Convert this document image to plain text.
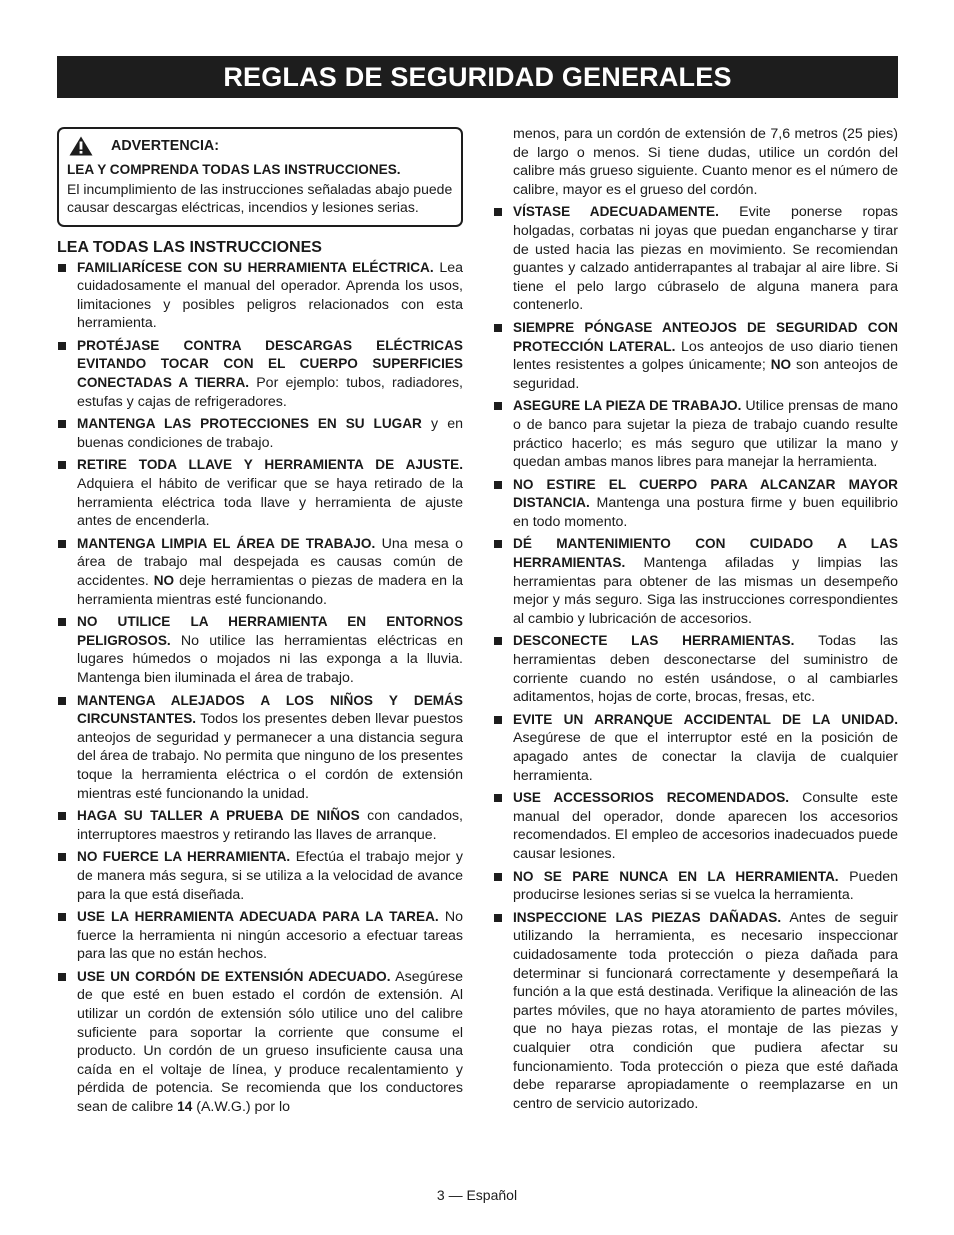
REGLAS DE SEGURIDAD GENERALES
ADVERTENCIA:
LEA Y COMPRENDA TODAS LAS INSTRUCCIONES.
El incumplimiento de las instrucciones señaladas abajo puede causar descargas eléctricas, incendios y lesiones serias.
LEA TODAS LAS INSTRUCCIONES
FAMILIARÍCESE CON SU HERRAMIENTA ELÉCTRICA. Lea cuidadosamente el manual del operador. Aprenda los usos, limitaciones y posibles peligros relacionados con esta herramienta.
PROTÉJASE CONTRA DESCARGAS ELÉCTRICAS EVITANDO TOCAR CON EL CUERPO SUPERFICIES CONECTADAS A TIERRA. Por ejemplo: tubos, radiadores, estufas y cajas de refrigeradores.
MANTENGA LAS PROTECCIONES EN SU LUGAR y en buenas condiciones de trabajo.
RETIRE TODA LLAVE Y HERRAMIENTA DE AJUSTE. Adquiera el hábito de verificar que se haya retirado de la herramienta eléctrica toda llave y herramienta de ajuste antes de encenderla.
MANTENGA LIMPIA EL ÁREA DE TRABAJO. Una mesa o área de trabajo mal despejada es causas común de accidentes. NO deje herramientas o piezas de madera en la herramienta mientras esté funcionando.
NO UTILICE LA HERRAMIENTA EN ENTORNOS PELIGROSOS. No utilice las herramientas eléctricas en lugares húmedos o mojados ni las exponga a la lluvia. Mantenga bien iluminada el área de trabajo.
MANTENGA ALEJADOS A LOS NIÑOS Y DEMÁS CIRCUNSTANTES. Todos los presentes deben llevar puestos anteojos de seguridad y permanecer a una distancia segura del área de trabajo. No permita que ninguno de los presentes toque la herramienta eléctrica o el cordón de extensión mientras esté funcionando la unidad.
HAGA SU TALLER A PRUEBA DE NIÑOS con candados, interruptores maestros y retirando las llaves de arranque.
NO FUERCE LA HERRAMIENTA. Efectúa el trabajo mejor y de manera más segura, si se utiliza a la velocidad de avance para la que está diseñada.
USE LA HERRAMIENTA ADECUADA PARA LA TAREA. No fuerce la herramienta ni ningún accesorio a efectuar tareas para las que no están hechos.
USE UN CORDÓN DE EXTENSIÓN ADECUADO. Asegúrese de que esté en buen estado el cordón de extensión. Al utilizar un cordón de extensión sólo utilice uno del calibre suficiente para soportar la corriente que consume el producto. Un cordón de un grueso insuficiente causa una caída en el voltaje de línea, y produce recalentamiento y pérdida de potencia. Se recomienda que los conductores sean de calibre 14 (A.W.G.) por lo
menos, para un cordón de extensión de 7,6 metros (25 pies) de largo o menos. Si tiene dudas, utilice un cordón del calibre más grueso siguiente. Cuanto menor es el número de calibre, mayor es el grueso del cordón.
VÍSTASE ADECUADAMENTE. Evite ponerse ropas holgadas, corbatas ni joyas que puedan engancharse y tirar de usted hacia las piezas en movimiento. Se recomiendan guantes y calzado antiderrapantes al trabajar al aire libre. Si tiene el pelo largo cúbraselo de alguna manera para contenerlo.
SIEMPRE PÓNGASE ANTEOJOS DE SEGURIDAD CON PROTECCIÓN LATERAL. Los anteojos de uso diario tienen lentes resistentes a golpes únicamente; NO son anteojos de seguridad.
ASEGURE LA PIEZA DE TRABAJO. Utilice prensas de mano o de banco para sujetar la pieza de trabajo cuando resulte práctico hacerlo; es más seguro que utilizar la mano y quedan ambas manos libres para manejar la herramienta.
NO ESTIRE EL CUERPO PARA ALCANZAR MAYOR DISTANCIA. Mantenga una postura firme y buen equilibrio en todo momento.
DÉ MANTENIMIENTO CON CUIDADO A LAS HERRAMIENTAS. Mantenga afiladas y limpias las herramientas para obtener de las mismas un desempeño mejor y más seguro. Siga las instrucciones correspondientes al cambio y lubricación de accesorios.
DESCONECTE LAS HERRAMIENTAS. Todas las herramientas deben desconectarse del suministro de corriente cuando no estén usándose, o al cambiarles aditamentos, hojas de corte, brocas, fresas, etc.
EVITE UN ARRANQUE ACCIDENTAL DE LA UNIDAD. Asegúrese de que el interruptor esté en la posición de apagado antes de conectar la clavija de cualquier herramienta.
USE ACCESSORIOS RECOMENDADOS. Consulte este manual del operador, donde aparecen los accesorios recomendados. El empleo de accesorios inadecuados puede causar lesiones.
NO SE PARE NUNCA EN LA HERRAMIENTA. Pueden producirse lesiones serias si se vuelca la herramienta.
INSPECCIONE LAS PIEZAS DAÑADAS. Antes de seguir utilizando la herramienta, es necesario inspeccionar cuidadosamente toda protección o pieza dañada para determinar si funcionará correctamente y desempeñará la función a la que está destinada. Verifique la alineación de las partes móviles, que no haya atoramiento de partes móviles, que no haya piezas rotas, el montaje de las piezas y cualquier otra condición que pudiera afectar su funcionamiento. Toda protección o pieza que esté dañada debe repararse apropiadamente o reemplazarse en un centro de servicio autorizado.
3 — Español
